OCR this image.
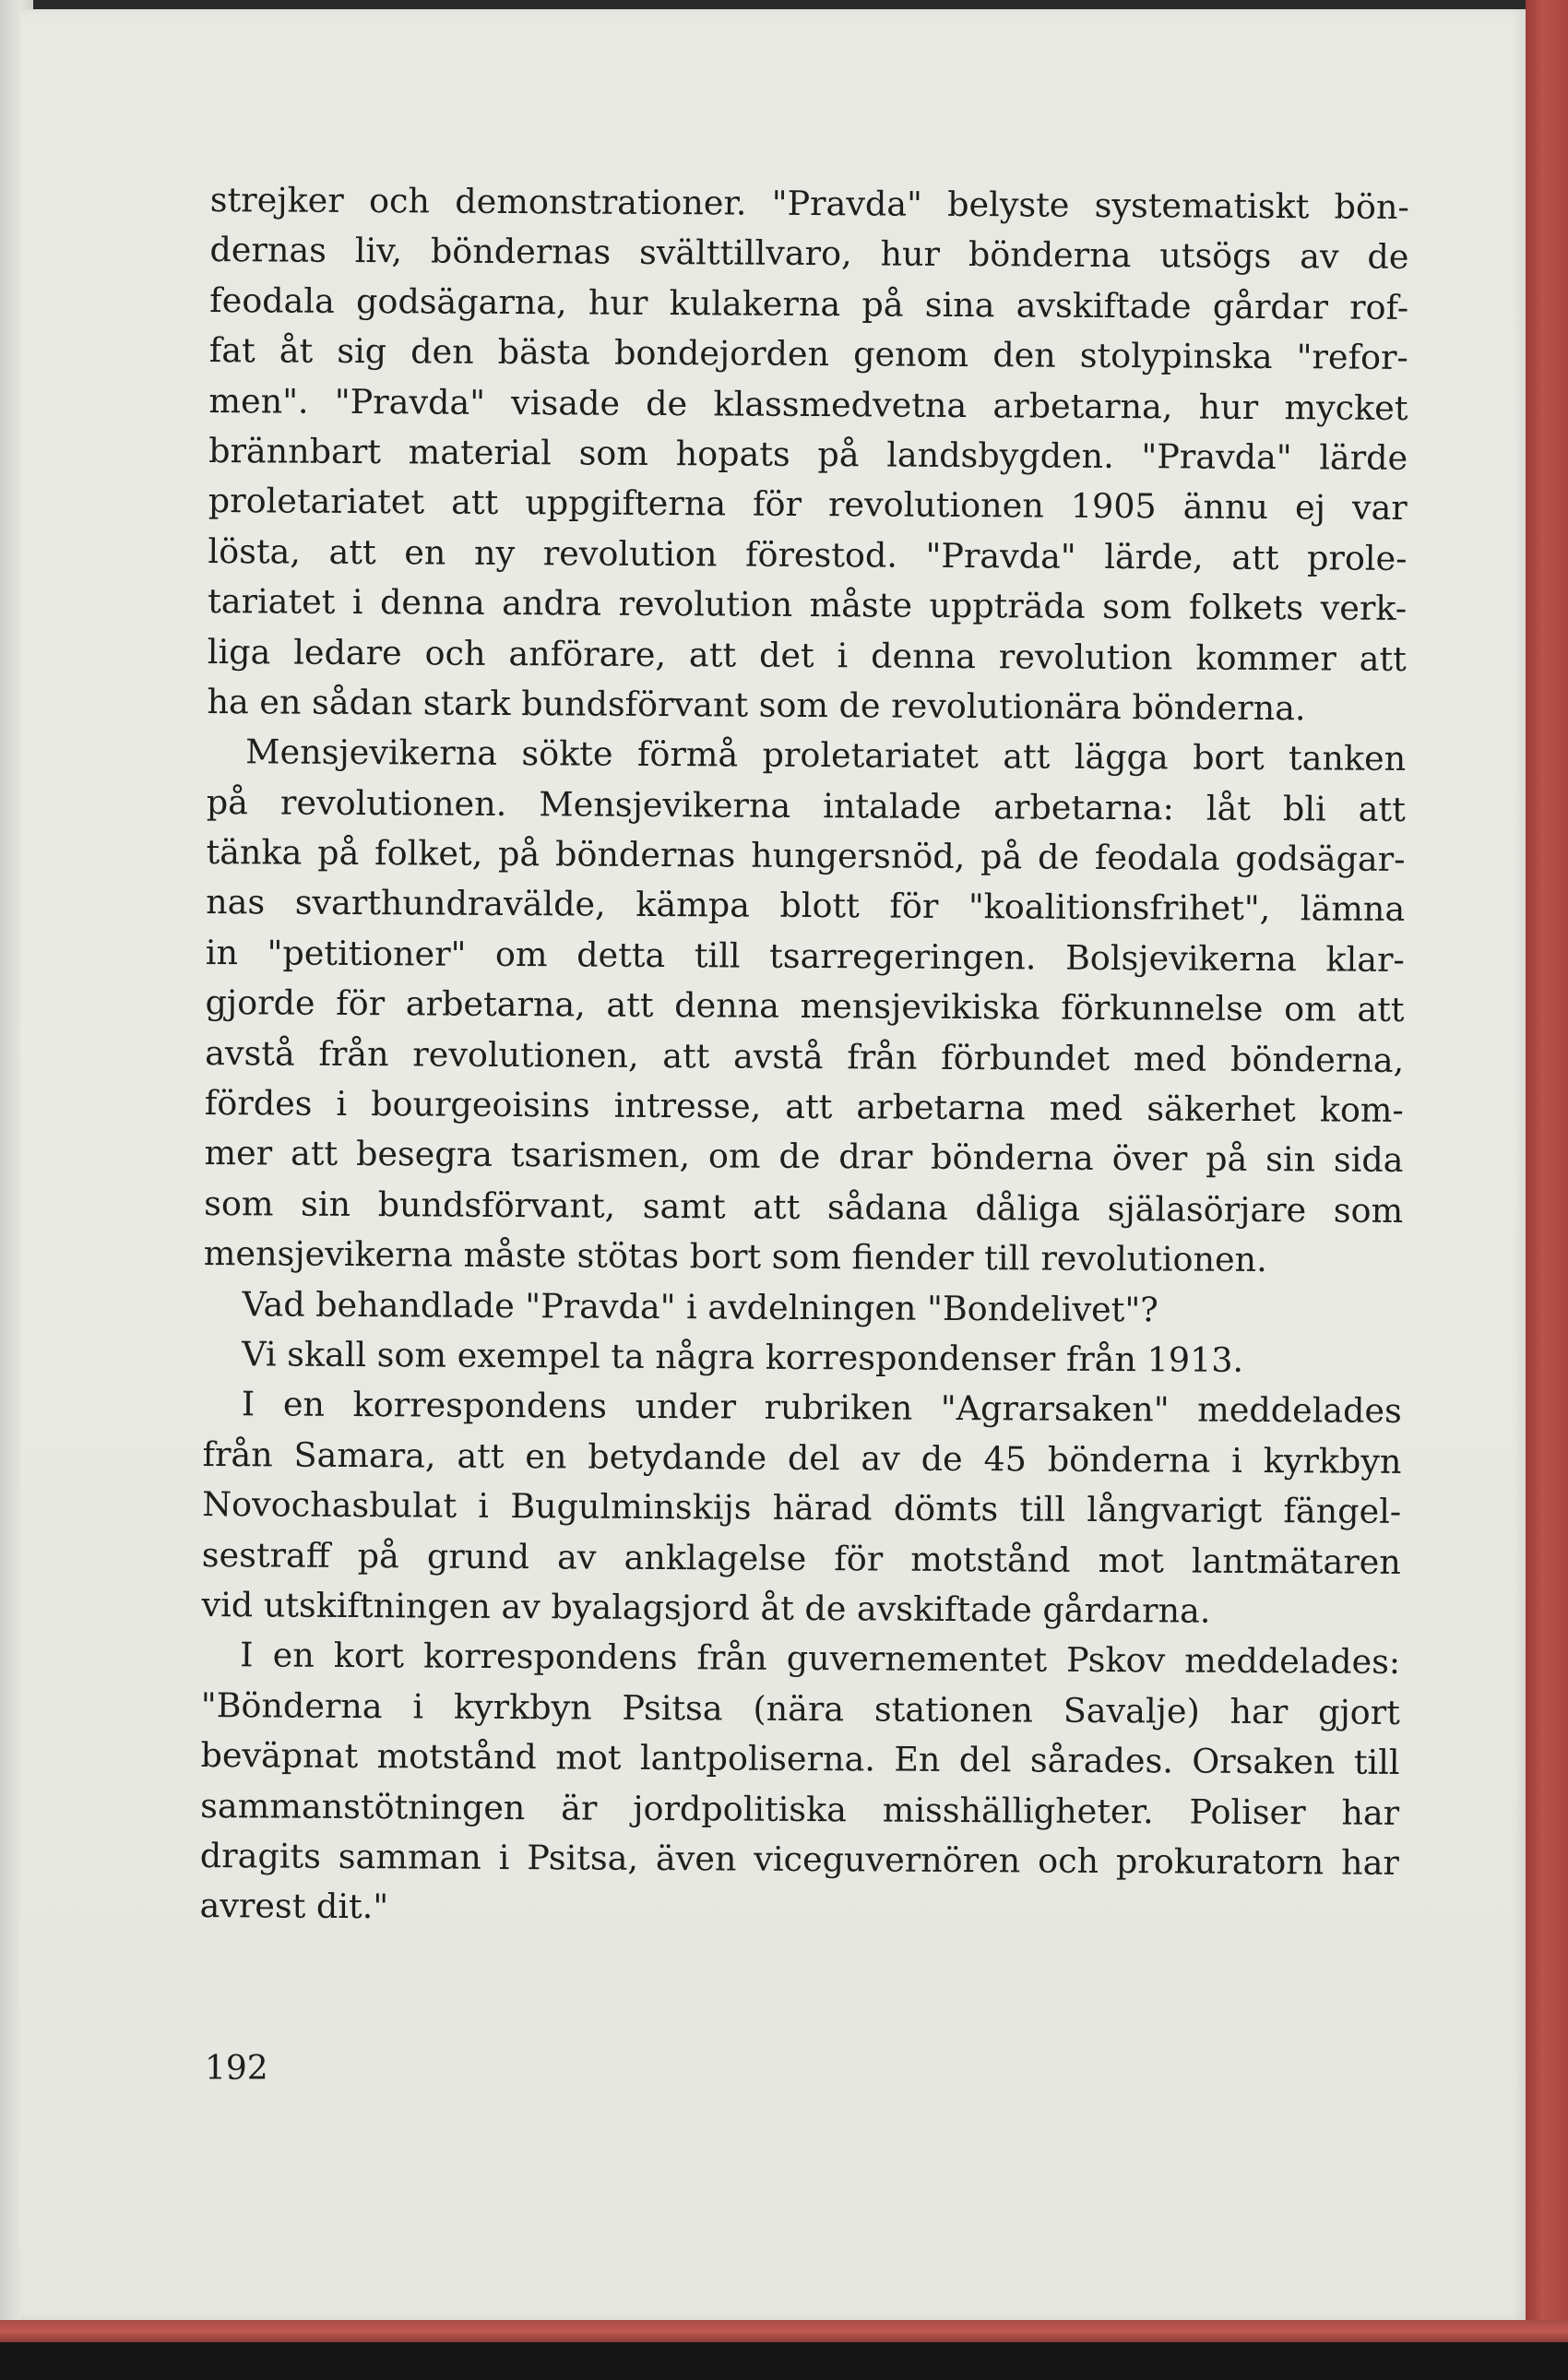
strejker och demonstrationer. "Pravda" belyste systematiskt bön-
dernas liv, böndernas svälttillvaro, hur bönderna utsögs av de
feodala godsägarna, hur kulakerna på sina avskiftade gårdar rof-
fat åt sig den bästa bondejorden genom den stolypinska "refor-
men". "Pravda" visade de klassmedvetna arbetarna, hur mycket
brännbart material som hopats på landsbygden. "Pravda" lärde
proletariatet att uppgifterna för revolutionen 1905 ännu ej var
lösta, att en ny revolution förestod. "Pravda" lärde, att prole-
tariatet i denna andra revolution måste uppträda som folkets verk-
liga ledare och anförare, att det i denna revolution kommer att
ha en sådan stark bundsförvant som de revolutionära bönderna.
Mensjevikerna sökte förmå proletariatet att lägga bort tanken
på revolutionen. Mensjevikerna intalade arbetarna: låt bli att
tänka på folket, på böndernas hungersnöd, på de feodala godsägar-
nas svarthundravälde, kämpa blott för "koalitionsfrihet", lämna
in "petitioner" om detta till tsarregeringen. Bolsjevikerna klar-
gjorde för arbetarna, att denna mensjevikiska förkunnelse om att
avstå från revolutionen, att avstå från förbundet med bönderna,
fördes i bourgeoisins intresse, att arbetarna med säkerhet kom-
mer att besegra tsarismen, om de drar bönderna över på sin sida
som sin bundsförvant, samt att sådana dåliga själasörjare som
mensjevikerna måste stötas bort som fiender till revolutionen.
Vad behandlade "Pravda" i avdelningen "Bondelivet"?
Vi skall som exempel ta några korrespondenser från 1913.
I en korrespondens under rubriken "Agrarsaken" meddelades
från Samara, att en betydande del av de 45 bönderna i kyrkbyn
Novochasbulat i Bugulminskijs härad dömts till långvarigt fängel-
sestraff på grund av anklagelse för motstånd mot lantmätaren
vid utskiftningen av byalagsjord åt de avskiftade gårdarna.
I en kort korrespondens från guvernementet Pskov meddelades:
"Bönderna i kyrkbyn Psitsa (nära stationen Savalje) har gjort
beväpnat motstånd mot lantpoliserna. En del sårades. Orsaken till
sammanstötningen är jordpolitiska misshälligheter. Poliser har
dragits samman i Psitsa, även viceguvernören och prokuratorn har
avrest dit."
192
